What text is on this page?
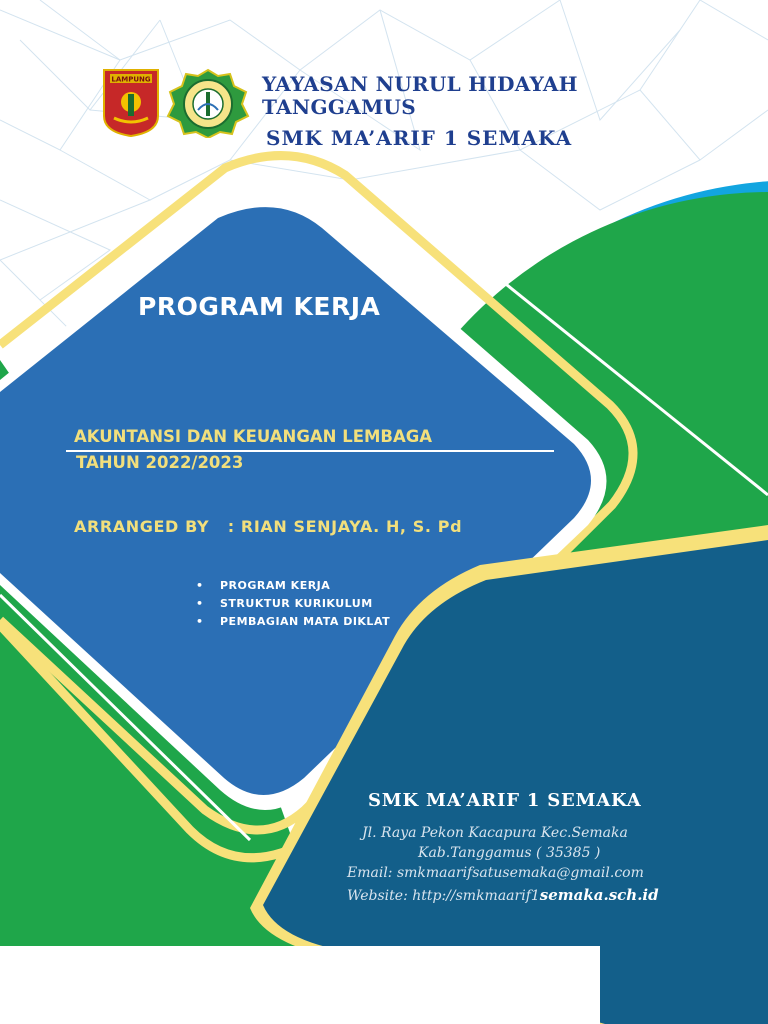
LAMPUNG	YAYASAN NURUL HIDAYAH
TANGGAMUS
SMK MA’ARIF 1 SEMAKA
PROGRAM KERJA

AKUNTANSI DAN KEUANGAN LEMBAGA

TAHUN 2022/2023

ARRANGED BY   : RIAN SENJAYA. H, S. Pd

• PROGRAM KERJA
• STRUKTUR KURIKULUM
• PEMBAGIAN MATA DIKLAT
SMK MA’ARIF 1 SEMAKA

Jl. Raya Pekon Kacapura Kec.Semaka

Kab.Tanggamus ( 35385 )

Email: smkmaarifsatusemaka@gmail.com

Website: http://smkmaarif1semaka.sch.id
